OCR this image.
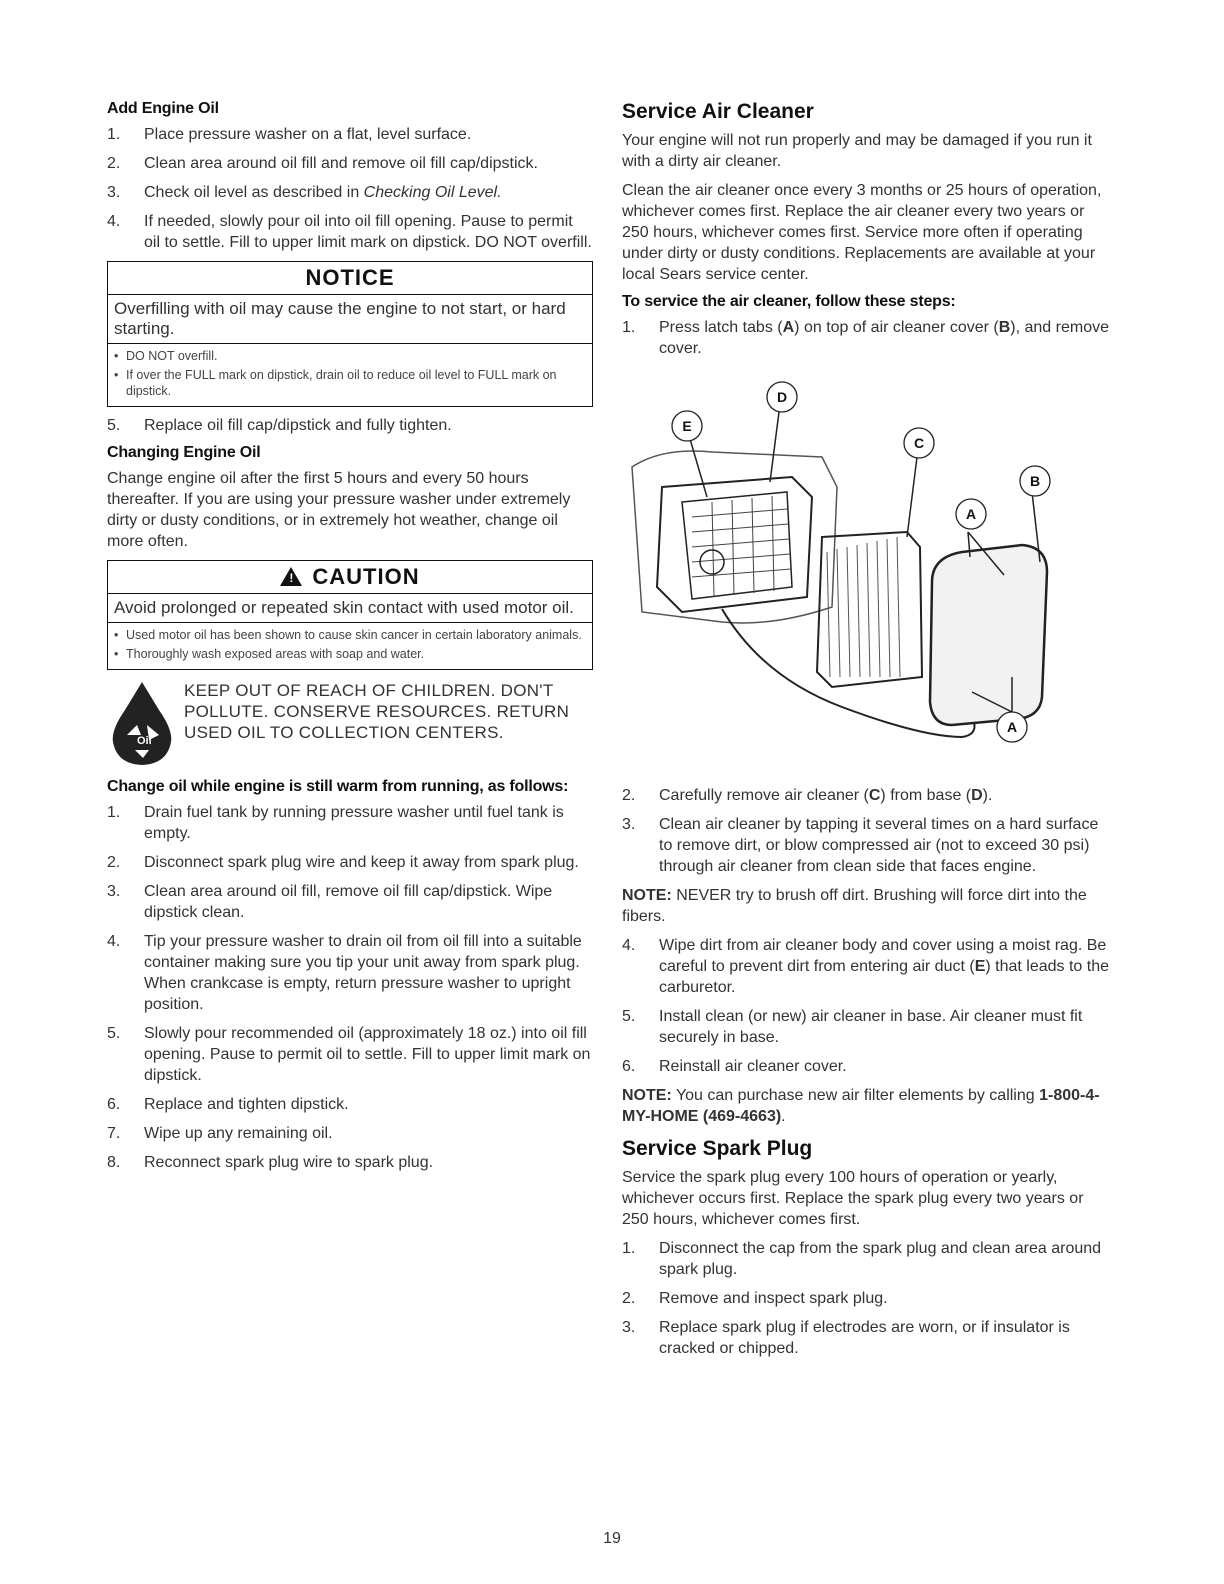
Add Engine Oil
1. Place pressure washer on a flat, level surface.
2. Clean area around oil fill and remove oil fill cap/dipstick.
3. Check oil level as described in Checking Oil Level.
4. If needed, slowly pour oil into oil fill opening. Pause to permit oil to settle. Fill to upper limit mark on dipstick. DO NOT overfill.
NOTICE
Overfilling with oil may cause the engine to not start, or hard starting.
• DO NOT overfill.
• If over the FULL mark on dipstick, drain oil to reduce oil level to FULL mark on dipstick.
5. Replace oil fill cap/dipstick and fully tighten.
Changing Engine Oil

Change engine oil after the first 5 hours and every 50 hours thereafter. If you are using your pressure washer under extremely dirty or dusty conditions, or in extremely hot weather, change oil more often.

! CAUTION
Avoid prolonged or repeated skin contact with used motor oil.
• Used motor oil has been shown to cause skin cancer in certain laboratory animals.
• Thoroughly wash exposed areas with soap and water.
Oil
KEEP OUT OF REACH OF CHILDREN. DON'T POLLUTE. CONSERVE RESOURCES. RETURN USED OIL TO COLLECTION CENTERS.
Change oil while engine is still warm from running, as follows:
1. Drain fuel tank by running pressure washer until fuel tank is empty.
2. Disconnect spark plug wire and keep it away from spark plug.
3. Clean area around oil fill, remove oil fill cap/dipstick. Wipe dipstick clean.
4. Tip your pressure washer to drain oil from oil fill into a suitable container making sure you tip your unit away from spark plug. When crankcase is empty, return pressure washer to upright position.
5. Slowly pour recommended oil (approximately 18 oz.) into oil fill opening. Pause to permit oil to settle. Fill to upper limit mark on dipstick.
6. Replace and tighten dipstick.
7. Wipe up any remaining oil.
8. Reconnect spark plug wire to spark plug.
Service Air Cleaner

Your engine will not run properly and may be damaged if you run it with a dirty air cleaner.

Clean the air cleaner once every 3 months or 25 hours of operation, whichever comes first. Replace the air cleaner every two years or 250 hours, whichever comes first. Service more often if operating under dirty or dusty conditions. Replacements are available at your local Sears service center.

To service the air cleaner, follow these steps:
1. Press latch tabs (A) on top of air cleaner cover (B), and remove cover.
D
E
C
B
A
A
2. Carefully remove air cleaner (C) from base (D).
3. Clean air cleaner by tapping it several times on a hard surface to remove dirt, or blow compressed air (not to exceed 30 psi) through air cleaner from clean side that faces engine.

NOTE: NEVER try to brush off dirt. Brushing will force dirt into the fibers.

4. Wipe dirt from air cleaner body and cover using a moist rag. Be careful to prevent dirt from entering air duct (E) that leads to the carburetor.
5. Install clean (or new) air cleaner in base. Air cleaner must fit securely in base.
6. Reinstall air cleaner cover.

NOTE: You can purchase new air filter elements by calling 1-800-4-MY-HOME (469-4663).

Service Spark Plug

Service the spark plug every 100 hours of operation or yearly, whichever occurs first. Replace the spark plug every two years or 250 hours, whichever comes first.

1. Disconnect the cap from the spark plug and clean area around spark plug.
2. Remove and inspect spark plug.
3. Replace spark plug if electrodes are worn, or if insulator is cracked or chipped.
19
